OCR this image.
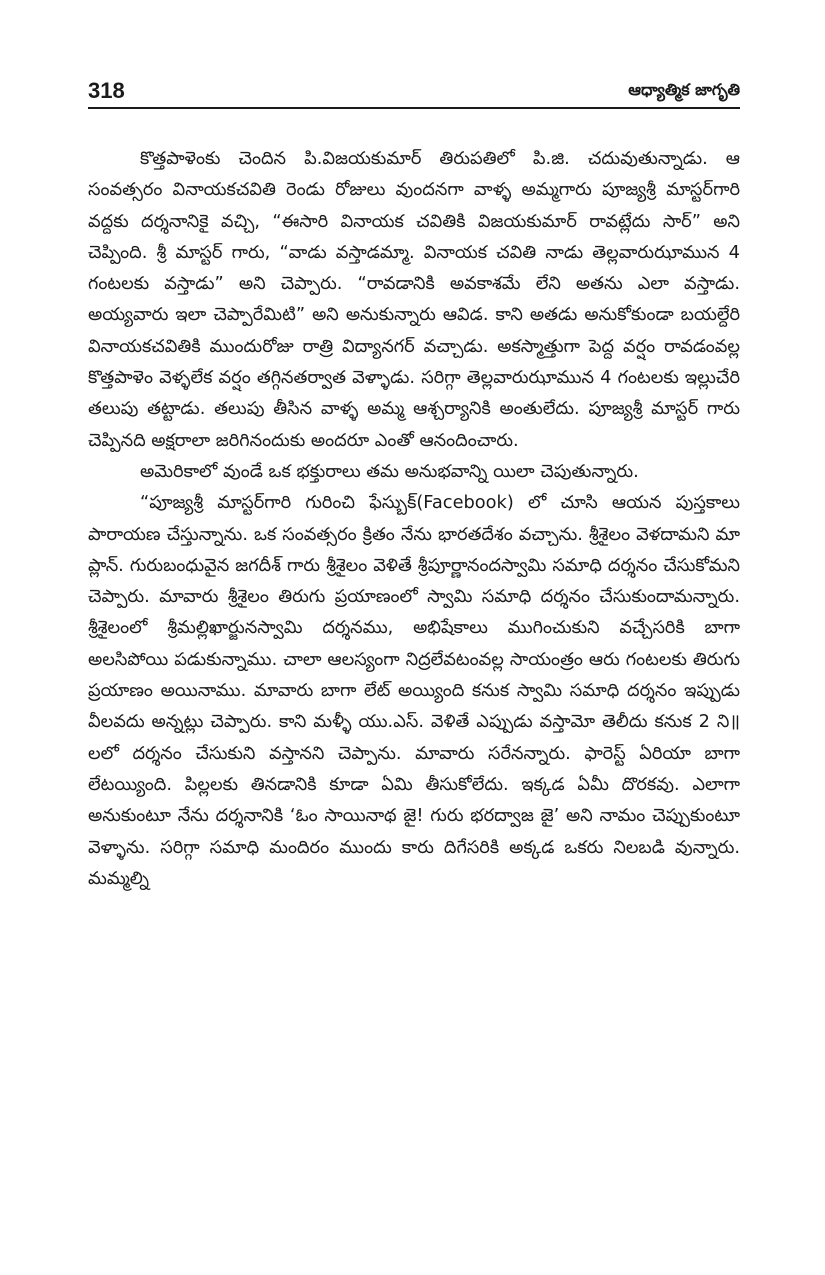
318	ఆధ్యాత్మిక జాగృతి

కొత్తపాళెంకు చెందిన పి.విజయకుమార్ తిరుపతిలో పి.జి. చదువుతున్నాడు. ఆ సంవత్సరం వినాయకచవితి రెండు రోజులు వుందనగా వాళ్ళ అమ్మగారు పూజ్యశ్రీ మాస్టర్‌గారి వద్దకు దర్శనానికై వచ్చి, “ఈసారి వినాయక చవితికి విజయకుమార్ రావట్లేదు సార్” అని చెప్పింది. శ్రీ మాస్టర్ గారు, “వాడు వస్తాడమ్మా. వినాయక చవితి నాడు తెల్లవారుఝామున 4 గంటలకు వస్తాడు” అని చెప్పారు. “రావడానికి అవకాశమే లేని అతను ఎలా వస్తాడు. అయ్యవారు ఇలా చెప్పారేమిటి” అని అనుకున్నారు ఆవిడ. కాని అతడు అనుకోకుండా బయల్దేరి వినాయకచవితికి ముందురోజు రాత్రి విద్యానగర్ వచ్చాడు. అకస్మాత్తుగా పెద్ద వర్షం రావడంవల్ల కొత్తపాళెం వెళ్ళలేక వర్షం తగ్గినతర్వాత వెళ్ళాడు. సరిగ్గా తెల్లవారుఝామున 4 గంటలకు ఇల్లుచేరి తలుపు తట్టాడు. తలుపు తీసిన వాళ్ళ అమ్మ ఆశ్చర్యానికి అంతులేదు. పూజ్యశ్రీ మాస్టర్ గారు చెప్పినది అక్షరాలా జరిగినందుకు అందరూ ఎంతో ఆనందించారు.

అమెరికాలో వుండే ఒక భక్తురాలు తమ అనుభవాన్ని యిలా చెపుతున్నారు.

“పూజ్యశ్రీ మాస్టర్‌గారి గురించి ఫేస్బుక్(Facebook) లో చూసి ఆయన పుస్తకాలు పారాయణ చేస్తున్నాను. ఒక సంవత్సరం క్రితం నేను భారతదేశం వచ్చాను. శ్రీశైలం వెళదామని మా ప్లాన్. గురుబంధువైన జగదీశ్ గారు శ్రీశైలం వెళితే శ్రీపూర్ణానందస్వామి సమాధి దర్శనం చేసుకోమని చెప్పారు. మావారు శ్రీశైలం తిరుగు ప్రయాణంలో స్వామి సమాధి దర్శనం చేసుకుందామన్నారు. శ్రీశైలంలో శ్రీమల్లిఖార్జునస్వామి దర్శనము, అభిషేకాలు ముగించుకుని వచ్చేసరికి బాగా అలసిపోయి పడుకున్నాము. చాలా ఆలస్యంగా నిద్రలేవటంవల్ల సాయంత్రం ఆరు గంటలకు తిరుగు ప్రయాణం అయినాము. మావారు బాగా లేట్ అయ్యింది కనుక స్వామి సమాధి దర్శనం ఇప్పుడు వీలవదు అన్నట్లు చెప్పారు. కాని మళ్ళీ యు.ఎస్. వెళితే ఎప్పుడు వస్తామో తెలీదు కనుక 2 ని॥లలో దర్శనం చేసుకుని వస్తానని చెప్పాను. మావారు సరేనన్నారు. ఫారెస్ట్ ఏరియా బాగా లేటయ్యింది. పిల్లలకు తినడానికి కూడా ఏమి తీసుకోలేదు. ఇక్కడ ఏమీ దొరకవు. ఎలాగా అనుకుంటూ నేను దర్శనానికి ‘ఓం సాయినాథ జై! గురు భరద్వాజ జై’ అని నామం చెప్పుకుంటూ వెళ్ళాను. సరిగ్గా సమాధి మందిరం ముందు కారు దిగేసరికి అక్కడ ఒకరు నిలబడి వున్నారు. మమ్మల్ని
